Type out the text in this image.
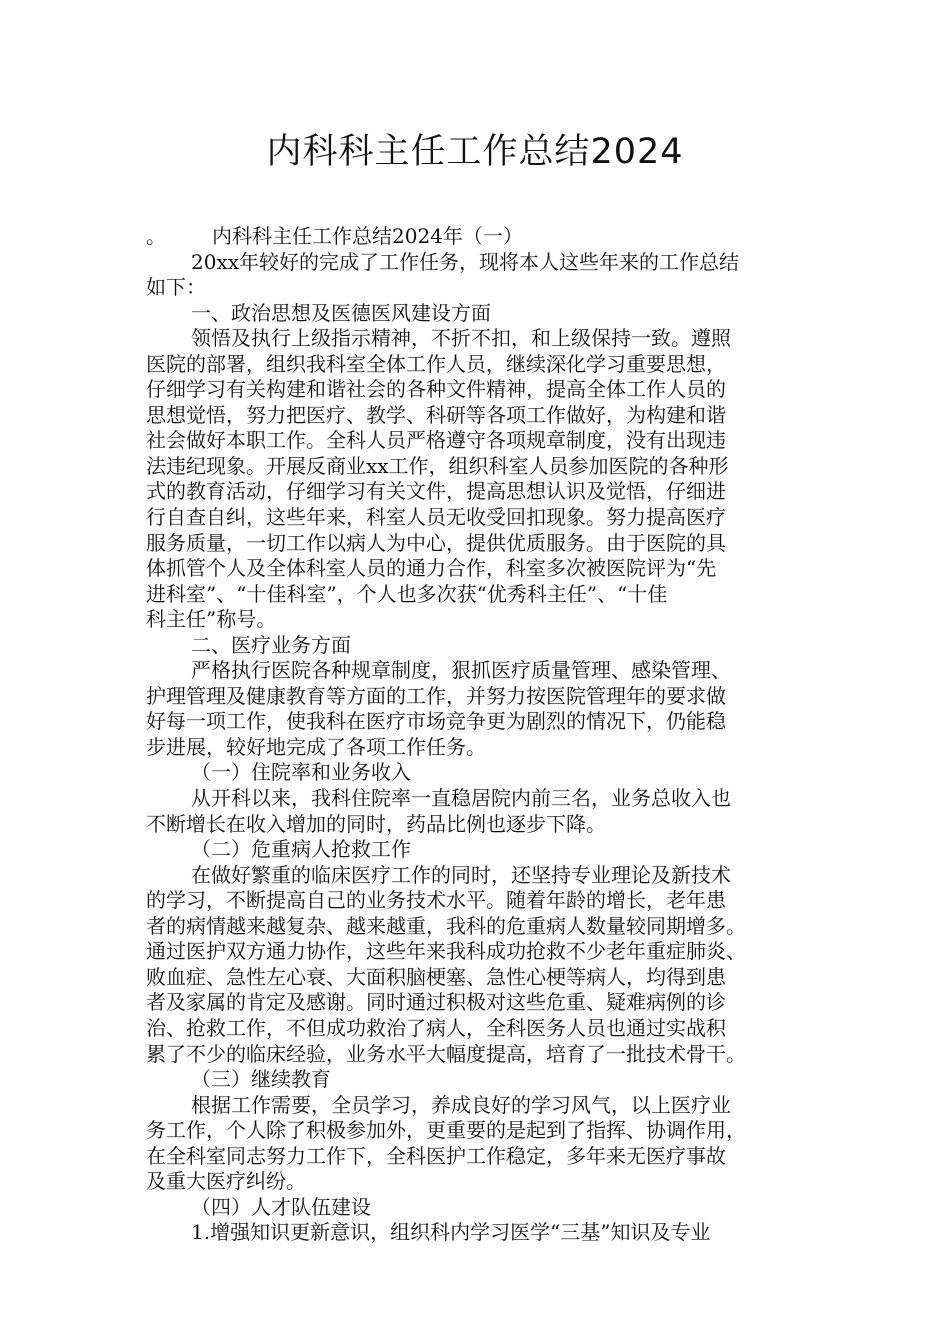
内科科主任工作总结2024
。 内科科主任工作总结2024年（一）
20xx年较好的完成了工作任务，现将本人这些年来的工作总结
如下：
一、政治思想及医德医风建设方面
领悟及执行上级指示精神，不折不扣，和上级保持一致。遵照
医院的部署，组织我科室全体工作人员，继续深化学习重要思想，
仔细学习有关构建和谐社会的各种文件精神，提高全体工作人员的
思想觉悟，努力把医疗、教学、科研等各项工作做好，为构建和谐
社会做好本职工作。全科人员严格遵守各项规章制度，没有出现违
法违纪现象。开展反商业xx工作，组织科室人员参加医院的各种形
式的教育活动，仔细学习有关文件，提高思想认识及觉悟，仔细进
行自查自纠，这些年来，科室人员无收受回扣现象。努力提高医疗
服务质量，一切工作以病人为中心，提供优质服务。由于医院的具
体抓管个人及全体科室人员的通力合作，科室多次被医院评为“先
进科室”、“十佳科室”，个人也多次获“优秀科主任”、“十佳
科主任”称号。
二、医疗业务方面
严格执行医院各种规章制度，狠抓医疗质量管理、感染管理、
护理管理及健康教育等方面的工作，并努力按医院管理年的要求做
好每一项工作，使我科在医疗市场竞争更为剧烈的情况下，仍能稳
步进展，较好地完成了各项工作任务。
（一）住院率和业务收入
从开科以来，我科住院率一直稳居院内前三名，业务总收入也
不断增长在收入增加的同时，药品比例也逐步下降。
（二）危重病人抢救工作
在做好繁重的临床医疗工作的同时，还坚持专业理论及新技术
的学习，不断提高自己的业务技术水平。随着年龄的增长，老年患
者的病情越来越复杂、越来越重，我科的危重病人数量较同期增多。
通过医护双方通力协作，这些年来我科成功抢救不少老年重症肺炎、
败血症、急性左心衰、大面积脑梗塞、急性心梗等病人，均得到患
者及家属的肯定及感谢。同时通过积极对这些危重、疑难病例的诊
治、抢救工作，不但成功救治了病人，全科医务人员也通过实战积
累了不少的临床经验，业务水平大幅度提高，培育了一批技术骨干。
（三）继续教育
根据工作需要，全员学习，养成良好的学习风气，以上医疗业
务工作，个人除了积极参加外，更重要的是起到了指挥、协调作用，
在全科室同志努力工作下，全科医护工作稳定，多年来无医疗事故
及重大医疗纠纷。
（四）人才队伍建设
1.增强知识更新意识，组织科内学习医学“三基”知识及专业
